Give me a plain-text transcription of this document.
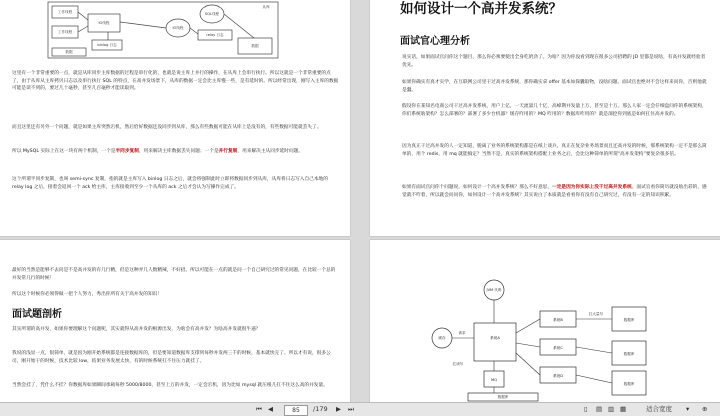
工作线程
工作线程
IO线程
SQL线程
从库
binlog 日志
数据
IO线程
relay 日志
数据

这里有一个非常重要的一点，就是从库同步主库数据的过程是串行化的，也就是说主库上并行的操作，在从库上会串行执行。所以这就是一个非常重要的点了，由于从库从主库拷贝日志以及串行执行 SQL 的特点，在高并发场景下，从库的数据一定会比主库慢一些，是有延时的。所以经常出现，刚写入主库的数据可能是读不到的，要过几十毫秒，甚至几百毫秒才能读取到。

而且这里还有另外一个问题，就是如果主库突然宕机，然后恰好数据还没同步到从库，那么有些数据可能在从库上是没有的，有些数据可能就丢失了。

所以 MySQL 实际上在这一块有两个机制，一个是半同步复制，用来解决主库数据丢失问题；一个是并行复制，用来解决主从同步延时问题。

这个所谓半同步复制，也叫 semi-sync 复制，指的就是主库写入 binlog 日志之后，就会将强制此时立即将数据同步到从库，从库将日志写入自己本地的 relay log 之后，接着会返回一个 ack 给主库，主库接收到至少一个从库的 ack 之后才会认为写操作完成了。

如何设计一个高并发系统？
面试官心理分析

说实话，如果面试官问你这个题目，那么你必须要使出全身吃奶劲了。为啥？因为你没看到现在很多公司招聘的 JD 里都是说啥，有高并发就经验者优先。

如果你确实有真才实学，在互联网公司里干过高并发系统，那你确实拿 offer 基本如探囊取物，没啥问题。面试官也绝对不会这样来问你，否则他就是蠢。

假设你在某知名电商公司干过高并发系统，用户上亿，一天流量几十亿，高峰期并发量上万，甚至是十万。那么人家一定会仔细盘问你的系统架构，你们系统啥架构？怎么部署的？部署了多少台机器？缓存咋用的？MQ 咋用的？数据库咋用的？就是深挖你到底是如何扛住高并发的。

因为真正干过高并发的人一定知道，脱离了业务的系统架构都是在纸上谈兵，真正在复杂业务场景而且还高并发的时候，那系统架构一定不是那么简单的，用个 redis，用 mq 就能搞定？当然不是，真实的系统架构搭配上业务之后，会比这种简单的所谓“高并发架构”要复杂很多倍。

如果有面试官问你个问题说，如何设计一个高并发系统？那么不好意思，一定是因为你实际上没干过高并发系统。面试官看你简历就没啥出彩的，感觉就不咋着，所以就会问问你，如何设计一个高并发系统？其实说白了本质就是看看你有没有自己研究过，有没有一定的知识积累。

最好的当然是能够不去问是不是高并发的有几行精，但是这种弄几人数精辣，不好招。所以可能在一点的就是问一个自己研究过的常见问题，在比较一个总的并发常几行的时候！

所以这个时候你必须得做一把个人努力，秀出你所有关于高并发的知识！

面试题剖析

其实所谓的高并发，如果你要理解这个问题呢，其实就得从高并发的根源出发，为啥会有高并发？为啥高并发就很牛逼？

我说的浅显一点，很简单，就是因为刚开始系统都是连接数据库的，但是要知道数据库支撑到每秒并发两三千的时候，基本就快完了。所以才有说，很多公司，刚开始干的时候，技术比较 low，结果业务发展太快，有的时候系统扛不住压力就挂了。

当然会挂了，凭什么不挂？你数据库如果瞬间承载每秒 5000/8000，甚至上万的并发，一定会宕机，因为比如 mysql 就压根儿扛不住这么高的并发量。

JVM 代码
系统A
系统B
系统C
系统D
MQ
缓存
数据库
数据库
数据库
数据库
请求
扛读写
扛大量写
⏮ ◀	85	/179 ▶ ⏭	▯ ▤ ▥ ▦	适合宽度 ▾ ⊕
